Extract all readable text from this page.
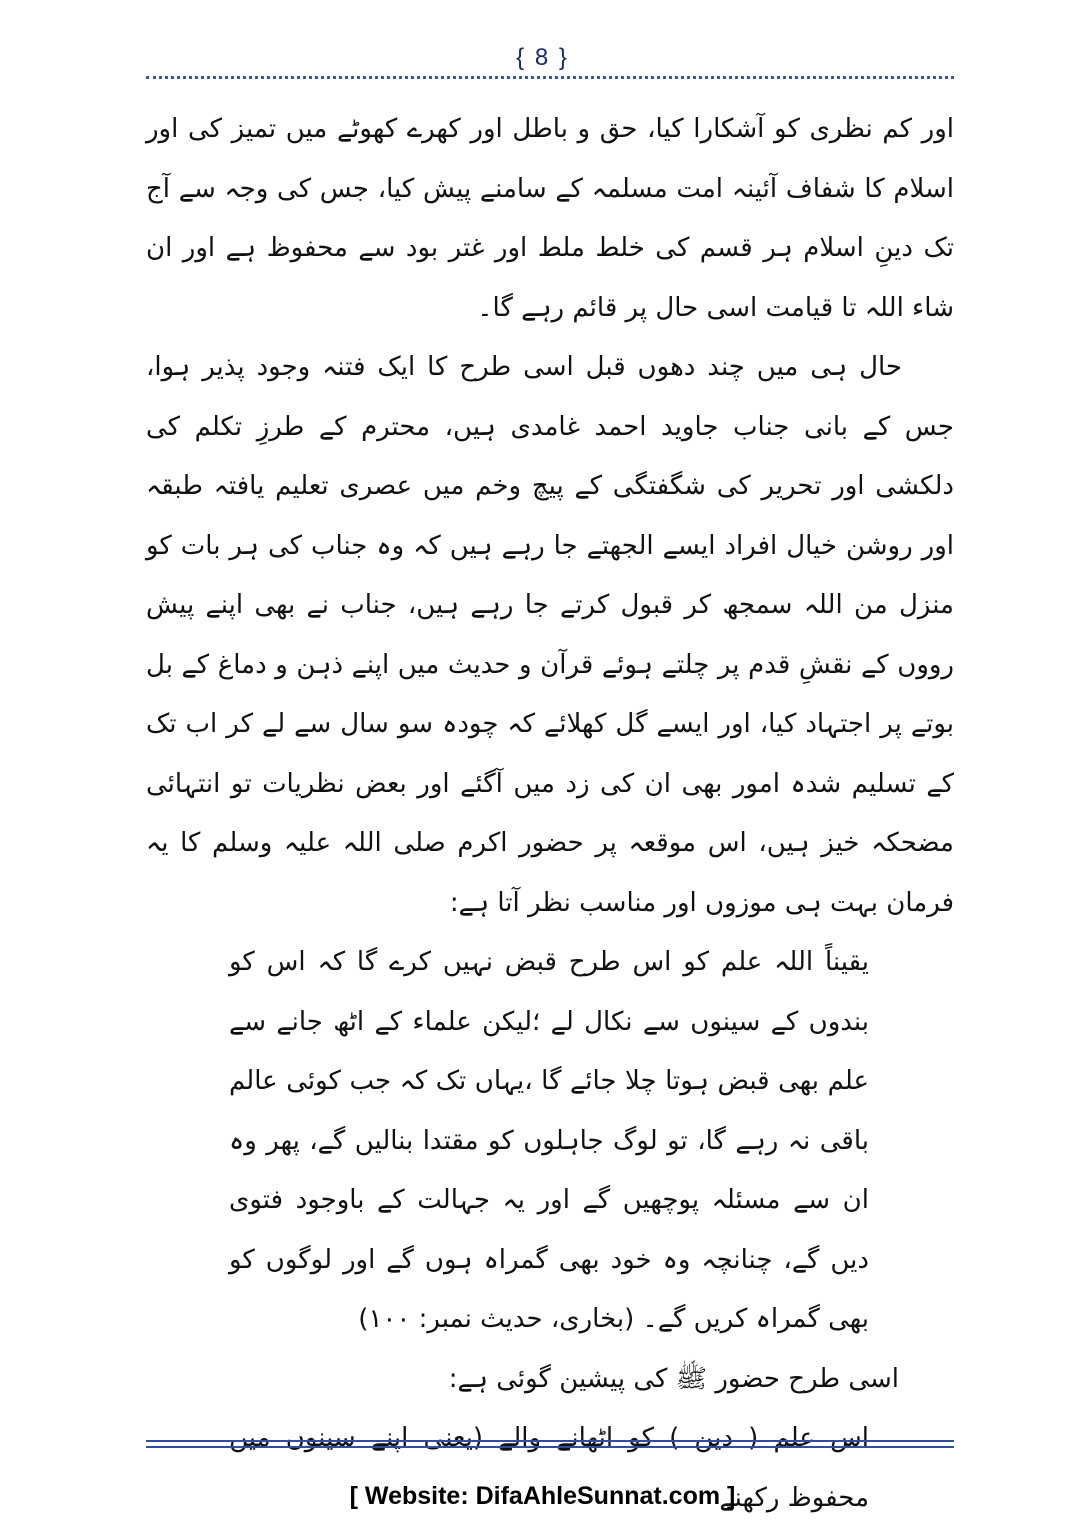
{ 8 }

اور کم نظری کو آشکارا کیا، حق و باطل اور کھرے کھوٹے میں تمیز کی اور اسلام کا شفاف آئینہ امت مسلمہ کے سامنے پیش کیا، جس کی وجہ سے آج تک دینِ اسلام ہر قسم کی خلط ملط اور غتر بود سے محفوظ ہے اور ان شاء اللہ تا قیامت اسی حال پر قائم رہے گا۔

حال ہی میں چند دھوں قبل اسی طرح کا ایک فتنہ وجود پذیر ہوا، جس کے بانی جناب جاوید احمد غامدی ہیں، محترم کے طرزِ تکلم کی دلکشی اور تحریر کی شگفتگی کے پیچ وخم میں عصری تعلیم یافتہ طبقہ اور روشن خیال افراد ایسے الجھتے جا رہے ہیں کہ وہ جناب کی ہر بات کو منزل من اللہ سمجھ کر قبول کرتے جا رہے ہیں، جناب نے بھی اپنے پیش رووں کے نقشِ قدم پر چلتے ہوئے قرآن و حدیث میں اپنے ذہن و دماغ کے بل بوتے پر اجتہاد کیا، اور ایسے گل کھلائے کہ چودہ سو سال سے لے کر اب تک کے تسلیم شدہ امور بھی ان کی زد میں آگئے اور بعض نظریات تو انتہائی مضحکہ خیز ہیں، اس موقعہ پر حضور اکرم صلی اللہ علیہ وسلم کا یہ فرمان بہت ہی موزوں اور مناسب نظر آتا ہے:

یقیناً اللہ علم کو اس طرح قبض نہیں کرے گا کہ اس کو بندوں کے سینوں سے نکال لے ؛لیکن علماء کے اٹھ جانے سے علم بھی قبض ہوتا چلا جائے گا ،یہاں تک کہ جب کوئی عالم باقی نہ رہے گا، تو لوگ جاہلوں کو مقتدا بنالیں گے، پھر وہ ان سے مسئلہ پوچھیں گے اور یہ جہالت کے باوجود فتوی دیں گے، چنانچہ وہ خود بھی گمراہ ہوں گے اور لوگوں کو بھی گمراہ کریں گے۔ (بخاری، حدیث نمبر: ۱۰۰)

اسی طرح حضور ﷺ کی پیشین گوئی ہے:

اس علم ( دین ) کو اٹھانے والے (یعنی اپنے سینوں میں محفوظ رکھنے

[ Website: DifaAhleSunnat.com ]
